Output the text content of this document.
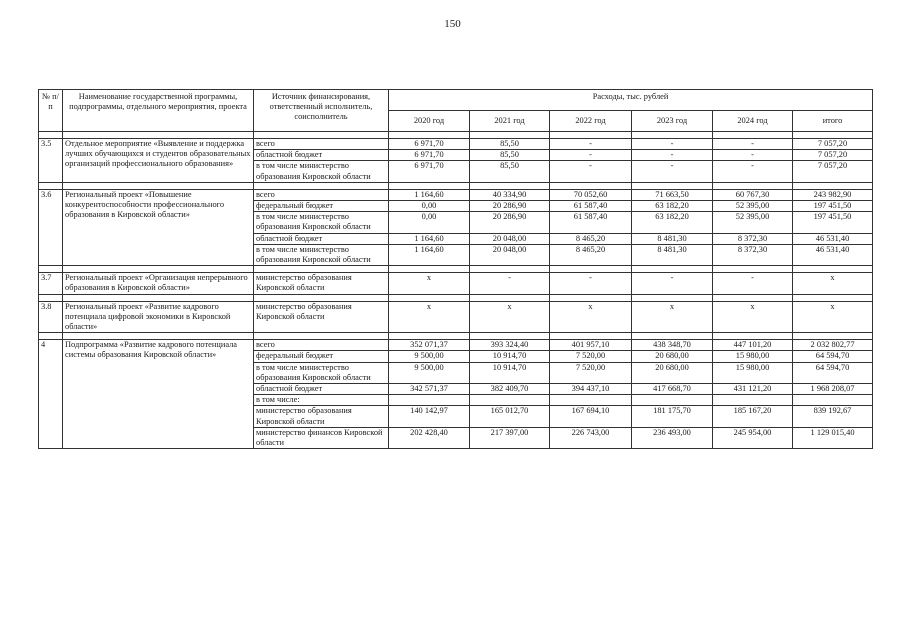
150
№ п/п	Наименование государственной программы, подпрограммы, отдельного мероприятия, проекта	Источник финансирования, ответственный исполнитель, соисполнитель	Расходы, тыс. рублей					
			2020 год	2021 год	2022 год	2023 год	2024 год	итого

3.5	Отдельное мероприятие «Выявление и поддержка лучших обучающихся и студентов образовательных организаций профессионального образования»	всего	6 971,70	85,50	-	-	-	7 057,20
		областной бюджет	6 971,70	85,50	-	-	-	7 057,20
		в том числе министерство образования Кировской области	6 971,70	85,50	-	-	-	7 057,20

3.6	Региональный проект «Повышение конкурентоспособности профессионального образования в Кировской области»	всего	1 164,60	40 334,90	70 052,60	71 663,50	60 767,30	243 982,90
		федеральный бюджет	0,00	20 286,90	61 587,40	63 182,20	52 395,00	197 451,50
		в том числе министерство образования Кировской области	0,00	20 286,90	61 587,40	63 182,20	52 395,00	197 451,50
		областной бюджет	1 164,60	20 048,00	8 465,20	8 481,30	8 372,30	46 531,40
		в том числе министерство образования Кировской области	1 164,60	20 048,00	8 465,20	8 481,30	8 372,30	46 531,40

3.7	Региональный проект «Организация непрерывного образования в Кировской области»	министерство образования Кировской области	x	-	-	-	-	x

3.8	Региональный проект «Развитие кадрового потенциала цифровой экономики в Кировской области»	министерство образования Кировской области	x	x	x	x	x	x

4	Подпрограмма «Развитие кадрового потенциала системы образования Кировской области»	всего	352 071,37	393 324,40	401 957,10	438 348,70	447 101,20	2 032 802,77
		федеральный бюджет	9 500,00	10 914,70	7 520,00	20 680,00	15 980,00	64 594,70
		в том числе министерство образования Кировской области	9 500,00	10 914,70	7 520,00	20 680,00	15 980,00	64 594,70
		областной бюджет	342 571,37	382 409,70	394 437,10	417 668,70	431 121,20	1 968 208,07
		в том числе:						
		министерство образования Кировской области	140 142,97	165 012,70	167 694,10	181 175,70	185 167,20	839 192,67
		министерство финансов Кировской области	202 428,40	217 397,00	226 743,00	236 493,00	245 954,00	1 129 015,40
